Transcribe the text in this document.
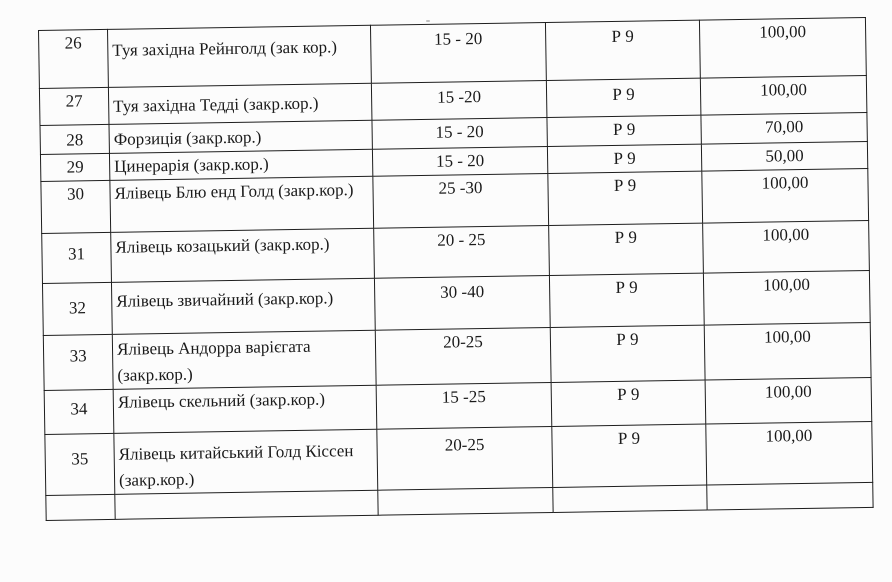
26	Туя західна Рейнголд (зак кор.)	15 - 20	Р 9	100,00
27	Туя західна Теддi (закр.кор.)	15 -20	Р 9	100,00
28	Форзиція (закр.кор.)	15 - 20	Р 9	70,00
29	Цинерарія (закр.кор.)	15 - 20	Р 9	50,00
30	Ялівець Блю енд Голд (закр.кор.)	25 -30	Р 9	100,00
31	Ялівець козацький (закр.кор.)	20 - 25	Р 9	100,00
32	Ялівець звичайний (закр.кор.)	30 -40	Р 9	100,00
33	Ялівець Андорра варієгата (закр.кор.)	20-25	Р 9	100,00
34	Ялівець скельний (закр.кор.)	15 -25	Р 9	100,00
35	Ялівець китайський Голд Кіссен (закр.кор.)	20-25	Р 9	100,00
